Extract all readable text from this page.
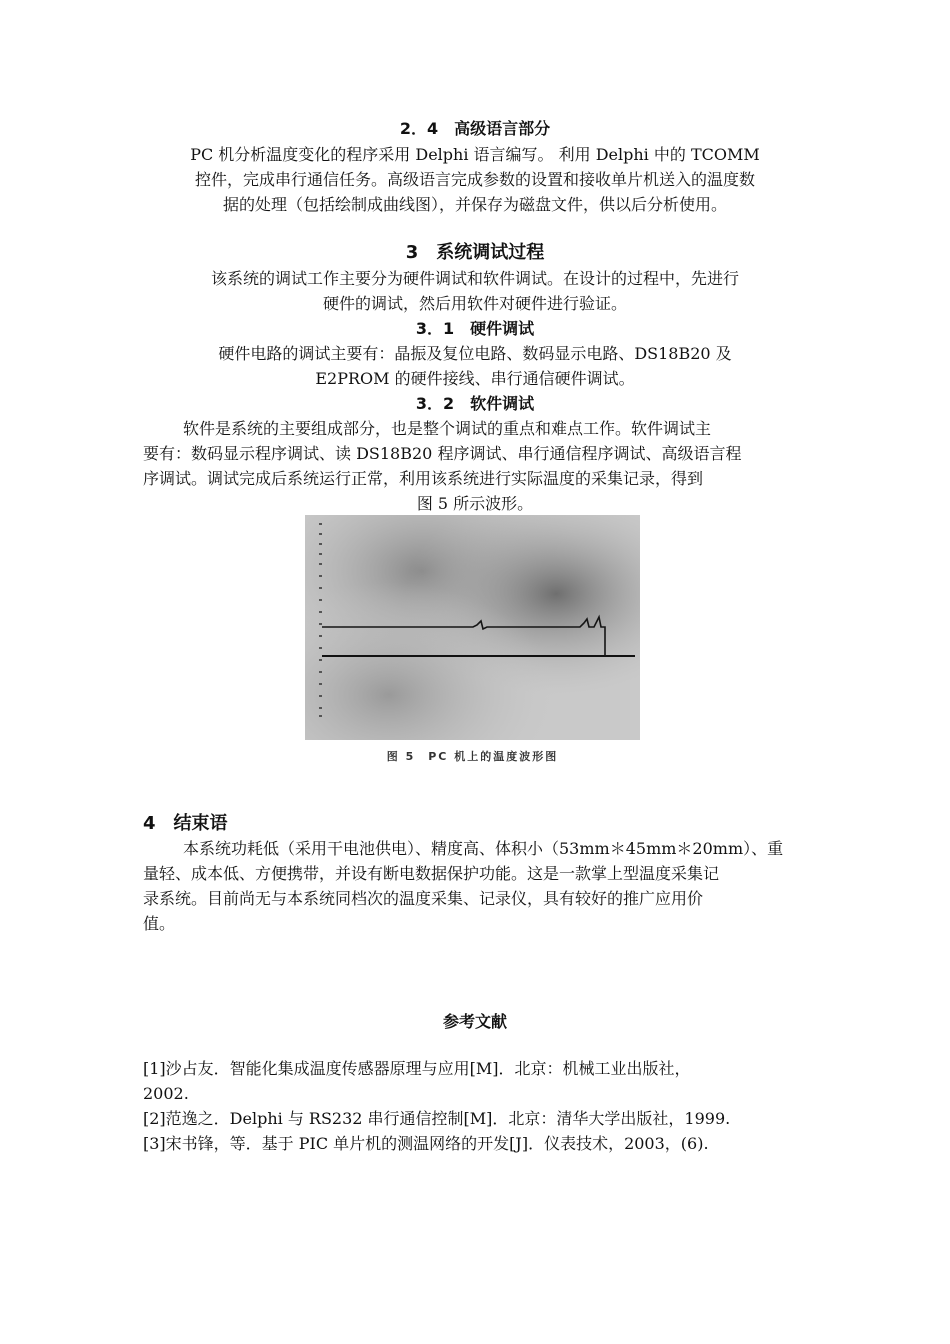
2．4　高级语言部分
PC 机分析温度变化的程序采用 Delphi 语言编写。 利用 Delphi 中的 TCOMM
控件，完成串行通信任务。高级语言完成参数的设置和接收单片机送入的温度数
据的处理（包括绘制成曲线图），并保存为磁盘文件，供以后分析使用。
3　系统调试过程
该系统的调试工作主要分为硬件调试和软件调试。在设计的过程中，先进行
硬件的调试，然后用软件对硬件进行验证。
3．1　硬件调试
硬件电路的调试主要有：晶振及复位电路、数码显示电路、DS18B20 及
E2PROM 的硬件接线、串行通信硬件调试。
3．2　软件调试
软件是系统的主要组成部分，也是整个调试的重点和难点工作。软件调试主
要有：数码显示程序调试、读 DS18B20 程序调试、串行通信程序调试、高级语言程
序调试。调试完成后系统运行正常，利用该系统进行实际温度的采集记录，得到
图 5 所示波形。
图 5　PC 机上的温度波形图
4　结束语
本系统功耗低（采用干电池供电）、精度高、体积小（53mm＊45mm＊20mm）、重
量轻、成本低、方便携带，并设有断电数据保护功能。这是一款掌上型温度采集记
录系统。目前尚无与本系统同档次的温度采集、记录仪，具有较好的推广应用价
值。
参考文献
[1]沙占友．智能化集成温度传感器原理与应用[M]．北京：机械工业出版社，
2002.
[2]范逸之．Delphi 与 RS232 串行通信控制[M]．北京：清华大学出版社，1999.
[3]宋书锋，等．基于 PIC 单片机的测温网络的开发[J]．仪表技术，2003，(6).
